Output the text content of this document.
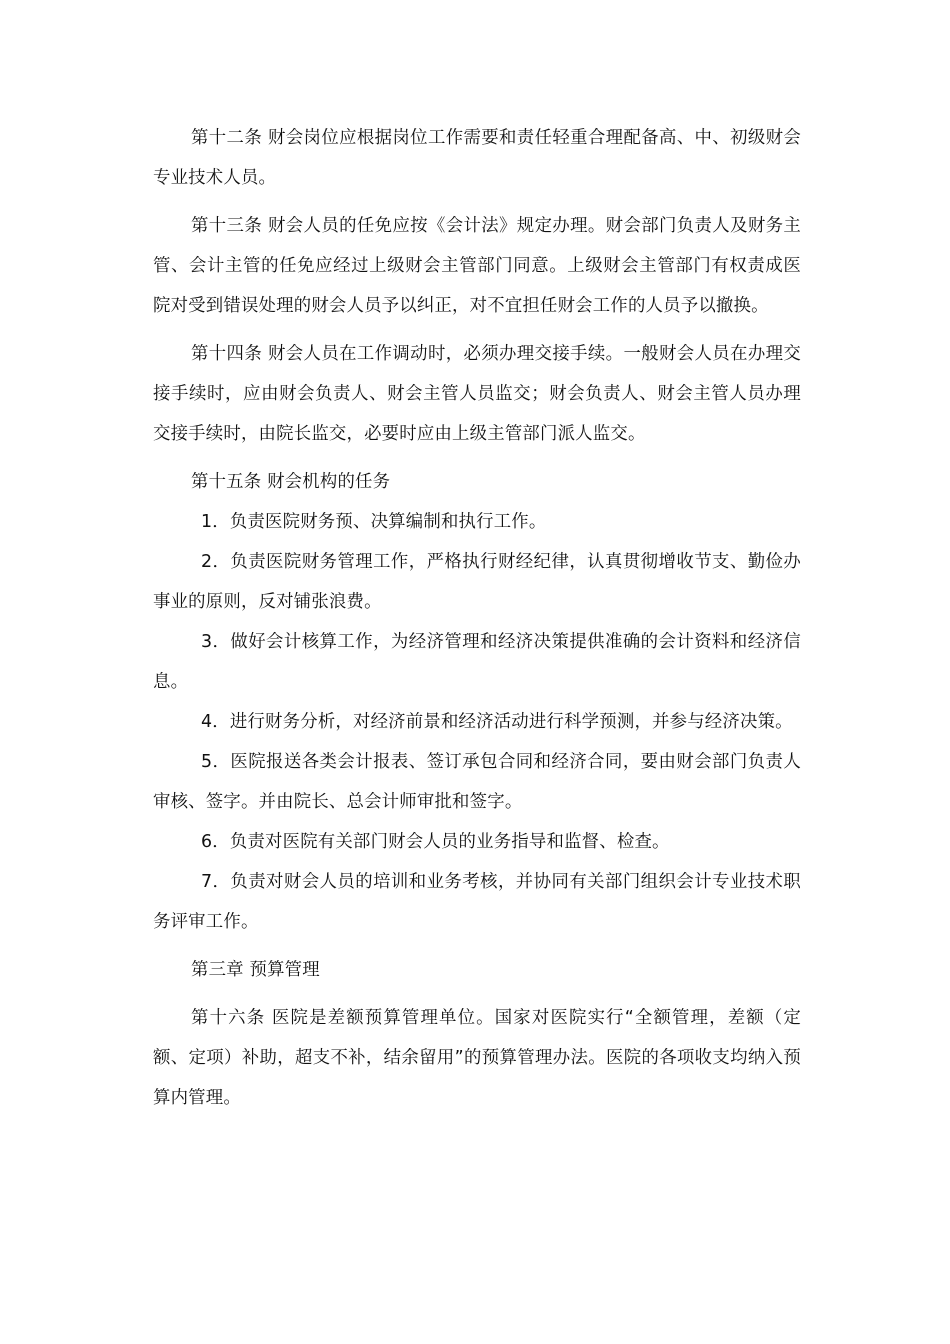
第十二条 财会岗位应根据岗位工作需要和责任轻重合理配备高、中、初级财会专业技术人员。

第十三条 财会人员的任免应按《会计法》规定办理。财会部门负责人及财务主管、会计主管的任免应经过上级财会主管部门同意。上级财会主管部门有权责成医院对受到错误处理的财会人员予以纠正，对不宜担任财会工作的人员予以撤换。

第十四条 财会人员在工作调动时，必须办理交接手续。一般财会人员在办理交接手续时，应由财会负责人、财会主管人员监交；财会负责人、财会主管人员办理交接手续时，由院长监交，必要时应由上级主管部门派人监交。

第十五条 财会机构的任务

1．负责医院财务预、决算编制和执行工作。

2．负责医院财务管理工作，严格执行财经纪律，认真贯彻增收节支、勤俭办事业的原则，反对铺张浪费。

3．做好会计核算工作，为经济管理和经济决策提供准确的会计资料和经济信息。

4．进行财务分析，对经济前景和经济活动进行科学预测，并参与经济决策。

5．医院报送各类会计报表、签订承包合同和经济合同，要由财会部门负责人审核、签字。并由院长、总会计师审批和签字。

6．负责对医院有关部门财会人员的业务指导和监督、检查。

7．负责对财会人员的培训和业务考核，并协同有关部门组织会计专业技术职务评审工作。

第三章 预算管理

第十六条 医院是差额预算管理单位。国家对医院实行“全额管理，差额（定额、定项）补助，超支不补，结余留用”的预算管理办法。医院的各项收支均纳入预算内管理。
